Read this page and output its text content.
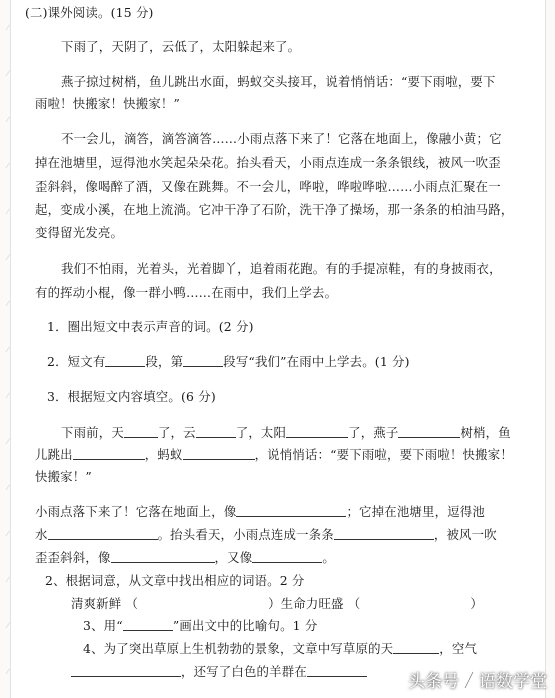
(二)课外阅读。(15 分)
下雨了，天阴了，云低了，太阳躲起来了。
燕子掠过树梢，鱼儿跳出水面，蚂蚁交头接耳，说着悄悄话：“要下雨啦，要下
雨啦！快搬家！快搬家！”
不一会儿，滴答，滴答滴答……小雨点落下来了！它落在地面上，像融小黄；它
掉在池塘里，逗得池水笑起朵朵花。抬头看天，小雨点连成一条条银线，被风一吹歪
歪斜斜，像喝醉了酒，又像在跳舞。不一会儿，哗啦，哗啦哗啦……小雨点汇聚在一
起，变成小溪，在地上流淌。它冲干净了石阶，洗干净了操场，那一条条的柏油马路，
变得留光发亮。
我们不怕雨，光着头，光着脚丫，追着雨花跑。有的手提凉鞋，有的身披雨衣，
有的挥动小棍，像一群小鸭……在雨中，我们上学去。
1．圈出短文中表示声音的词。(2 分)
2．短文有	段，第	段写“我们”在雨中上学去。(1 分)
3．根据短文内容填空。(6 分)
下雨前，天	了，云	了，太阳	了，燕子	树梢，鱼
儿跳出	，蚂蚁	，说悄悄话：“要下雨啦，要下雨啦！快搬家！
快搬家！”
小雨点落下来了！它落在地面上，像	；它掉在池塘里，逗得池
水	。抬头看天，小雨点连成一条条	，被风一吹
歪歪斜斜，像	，又像	。
2、根据词意，从文章中找出相应的词语。2 分
清爽新鲜 （	）生命力旺盛 （	）
3、用“	”画出文中的比喻句。1 分
4、为了突出草原上生机勃勃的景象，文章中写草原的天	，空气
，还写了白色的羊群在
头条号 语数学堂
